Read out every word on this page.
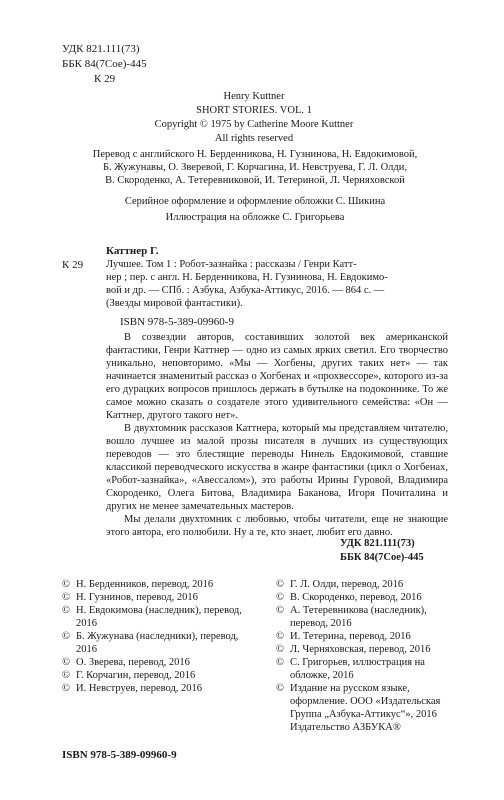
УДК 821.111(73)
ББК 84(7Сое)-445
К 29
Henry Kuttner
SHORT STORIES. VOL. 1
Copyright © 1975 by Catherine Moore Kuttner
All rights reserved
Перевод с английского Н. Берденникова, Н. Гузнинова, Н. Евдокимовой,
Б. Жужунавы, О. Зверевой, Г. Корчагина, И. Невструева, Г. Л. Олди,
В. Скороденко, А. Тетеревниковой, И. Тетериной, Л. Черняховской
Серийное оформление и оформление обложки С. Шикина
Иллюстрация на обложке С. Григорьева
Каттнер Г.
К 29 Лучшее. Том 1 : Робот-зазнайка : рассказы / Генри Катт-
нер ; пер. с англ. Н. Берденникова, Н. Гузнинова, Н. Евдокимо-
вой и др. — СПб. : Азбука, Азбука-Аттикус, 2016. — 864 с. —
(Звезды мировой фантастики).
ISBN 978-5-389-09960-9

В созвездии авторов, составивших золотой век американской фантастики, Генри Каттнер — одно из самых ярких светил. Его творчество уникально, неповторимо. «Мы — Хогбены, других таких нет» — так начинается знаменитый рассказ о Хогбенах и «прохвессоре», которого из-за его дурацких вопросов пришлось держать в бутылке на подоконнике. То же самое можно сказать о создателе этого удивительного семейства: «Он — Каттнер, другого такого нет».

В двухтомник рассказов Каттнера, который мы представляем читателю, вошло лучшее из малой прозы писателя в лучших из существующих переводов — это блестящие переводы Нинель Евдокимовой, ставшие классикой переводческого искусства в жанре фантастики (цикл о Хогбенах, «Робот-зазнайка», «Авессалом»), это работы Ирины Гуровой, Владимира Скороденко, Олега Битова, Владимира Баканова, Игоря Почиталина и других не менее замечательных мастеров.

Мы делали двухтомник с любовью, чтобы читатели, еще не знающие этого автора, его полюбили. Ну а те, кто знает, любит его давно.

УДК 821.111(73)
ББК 84(7Сое)-445
© Н. Берденников, перевод, 2016
© Н. Гузнинов, перевод, 2016
© Н. Евдокимова (наследник), перевод, 2016
© Б. Жужунава (наследники), перевод, 2016
© О. Зверева, перевод, 2016
© Г. Корчагин, перевод, 2016
© И. Невструев, перевод, 2016
© Г. Л. Олди, перевод, 2016
© В. Скороденко, перевод, 2016
© А. Тетеревникова (наследник), перевод, 2016
© И. Тетерина, перевод, 2016
© Л. Черняховская, перевод, 2016
© С. Григорьев, иллюстрация на обложке, 2016
© Издание на русском языке, оформление. ООО «Издательская Группа „Азбука-Аттикус“», 2016 Издательство АЗБУКА®
ISBN 978-5-389-09960-9
